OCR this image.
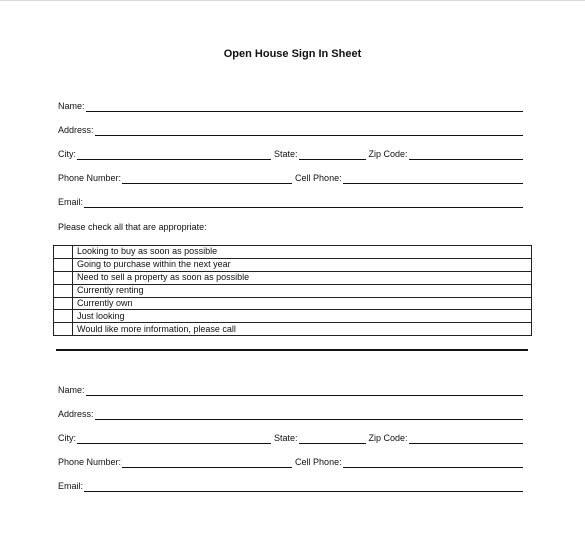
Open House Sign In Sheet
Name:
Address:
City:	State:	Zip Code:
Phone Number:	Cell Phone:
Email:
Please check all that are appropriate:
	Looking to buy as soon as possible
	Going to purchase within the next year
	Need to sell a property as soon as possible
	Currently renting
	Currently own
	Just looking
	Would like more information, please call
Name:
Address:
City:	State:	Zip Code:
Phone Number:	Cell Phone:
Email:
